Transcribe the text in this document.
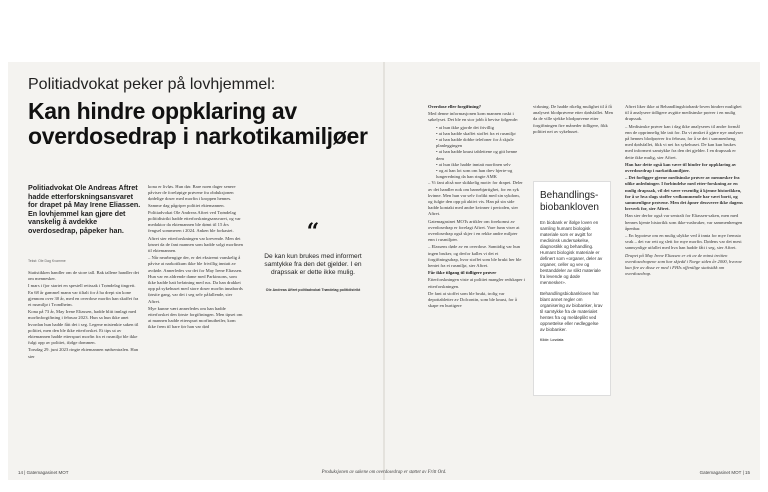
Politiadvokat peker på lovhjemmel:
Kan hindre oppklaring av overdosedrap i narkotikamiljøer
Politiadvokat Ole Andreas Aftret hadde etterforskningsansvaret for drapet på May Irene Eliassen. En lovhjemmel kan gjøre det vanskelig å avdekke overdosedrap, påpeker han.
Tekst: Ole Dag Kvamme

Statistikken handler om de store tall. Bak tallene handler det om mennesker.

I mars i fjor startet en spesiell rettssak i Trøndelag tingrett. En 68 år gammel mann var tiltalt for å ha drept sin kone gjennom over 30 år, med en overdose morfin han skaffet fra et rusmiljø i Trondheim.

Kona på 73 år, May Irene Eliassen, hadde blitt innlagt med morfinforgiftning i februar 2023. Hun sa hun ikke anet hvordan hun hadde fått det i seg. Legene mistenkte saken til politiet, men den ble ikke etterforsket. Et tips ut av ektemannen hadde etterspurt morfin fra et rusmiljø ble ikke fulgt opp av politiet, ifølge dommen.

Torsdag 29. juni 2023 ringte ektemannen nødsentralen. Han sier

kona er livløs. Hun dør. Bare noen dager senere påviser de foreløpige prøvene fra obduksjonen dødelige doser med morfin i kroppen hennes. Samme dag pågriper politiet ektemannen.

Politiadvokat Ole Andreas Aftret ved Trøndelag politidistrikt hadde etterforskningsansvaret, og var medaktor da ektemannen ble dømt til 15 års fengsel sommeren i 2024. Anken ble forkastet.

Aftret sier etterforskningen var krevende. Men det løsnet da de fant mannen som hadde solgt morfinen til ektemannen.

– Når nearbengige der, er det ekstremt vanskelig å påvise at narkotikum ikke ble frivillig inntatt av avdøde. Annerledes var det for May Irene Eliassen. Hun var en aldrende dame med Parkinsons, som ikke hadde hatt befatning med rus. Da han drakket opp på sykehuset med store doser morfin innabords førsite gang, var det i seg selv påfallende, sier Aftret.

Mye kunne vært annerledes om han hadde etterforsket den første forgiftningen. Men tipset om at mannen hadde etterspurt morfinutbetler, kom ikke frem til bare før han var død

“
De kan kun brukes med informert samtykke fra den det gjelder. I en drapssak er dette ikke mulig.
Ole Andreas Aftret politiadvokat Trøndelag politidistrikt

Overdose eller forgiftning?

Med denne informasjonen kom mannen raskt i søkelyset. Det ble en stor jobb å bevise følgende:

• at hun ikke gjorde det frivillig
• at han hadde skaffet stoffet fra et rusmiljø
• at han hadde dobbe telefoner for å skjule planleggingen
• at han hadde knust tablettene og gitt henne dem
• at hun ikke hadde inntatt morfinen selv
• og at han lot som om han drev hjerte-og lungeredning da han ringte AMK

– Vi fant altså noe skikkelig motiv for drapet. Deler av det handler nok om barnebjørtighet, for en syk kvinne. Men hun var selv forlikt med sin sykdom, og fulgte den opp på aktivt vis. Han på sin side hadde kontakt med andre kvinner i perioden, sier Aftret.

Gatemagasinet MOTs artikler om forekomst av overdosedrap er forelagt Aftret. Vare funn viser at overdosedrap også skjer i en rekke andre miljøer enn i rusmiljøer.

– Elassens døde av en overdose. Samtidig var hun ingen bruker, og derfor kalles vi det et forgiftningsdrap, hvor stoffet som ble brukt her ble hentet fra et rusmiljø, sier Aftret.

Får ikke tilgang til tidligere prøver

Etterforskningen viste at politiet mangler redskaper i etterforskningen.

De fant at stoffet som ble brukt, trolig var depottabletter av Dolcontin, som ble knust, for å skape en hurtigere

virkning. De hadde rikelig mulighet til å få analysert blodprøvene etter dødsfallet. Men da de ville sjekke blodprøvene etter forgiftningen fire måneder tidligere, fikk politiet nei av sykehuset.

Behandlings-biobankloven

En biobank er ifølge loven en samling humant biologisk materiale som er avgitt for medisinsk undersøkelse, diagnostikk og behandling. Humant biologisk materiale er definert som «organer, deler av organer, celler og vev og bestanddeler av slikt materiale fra levende og døde mennesker».

Behandlingsbiobankloven har blant annet regler om organisering av biobanker, krav til samtykke fra de materialet hentes fra og meldeplikt ved oppnettelse eller nedleggelse av biobanker.

Kilde: Lovdata

Aftret liker ikke at Behandlingsbiobank-loven hindrer mulighet til å analysere tidligere avgitte medisinske prøver i en mulig drapssak.

– Medisinske prøver kan i dag ikke analyseres til andre formål enn de opprinnelig ble tatt for. Da vi ønsket å gjøre nye analyser på hennes blodprøver fra februar, for å se det i sammenheng med dødsfallet, fikk vi nei fra sykehuset. De kan kun brukes med informert samtykke fra den det gjelder. I en drapssak er dette ikke mulig, sier Aftret.

Han har dette også kan være til hinder for oppklaring av overdosedrap i narkotikamiljøer.

– Det forligger gjerne medisinske prøver av mennesker fra ulike anledninger. I forbindelse med etter-forskning av en mulig drapssak, vil det være vesentlig å kjenne historikken, for å se hva slags stoffer vedkommende har vært borti, og sammenligne prøvene. Men det åpner dessverre ikke dagens lovverk for, sier Aftret.

Han sier derfor også var sentralt for Eliassen-saken, men med hennes kjente historikk som ikke-rusbruker, var sammenhengen åpenbar.

– En hypotese om en mulig ulykke ved å innta for mye fremsto svak – det var rett og slett for mye morfin. Dødens var det mest sannsynlige utfallet med hva han hadde fått i seg, sier Aftret.

Drapet på May Irene Eliassen er ett av de minst trettien overdosedrapene som har skjedd i Norge siden år 2000, hvorav kun fire av disse er med i FHIs offentlige statistikk om overdosedrap.

14 | Gatemagasinet MOT	Produksjonen av sakene om overdosedrap er støttet av Fritt Ord.	Gatemagasinet MOT | 15
